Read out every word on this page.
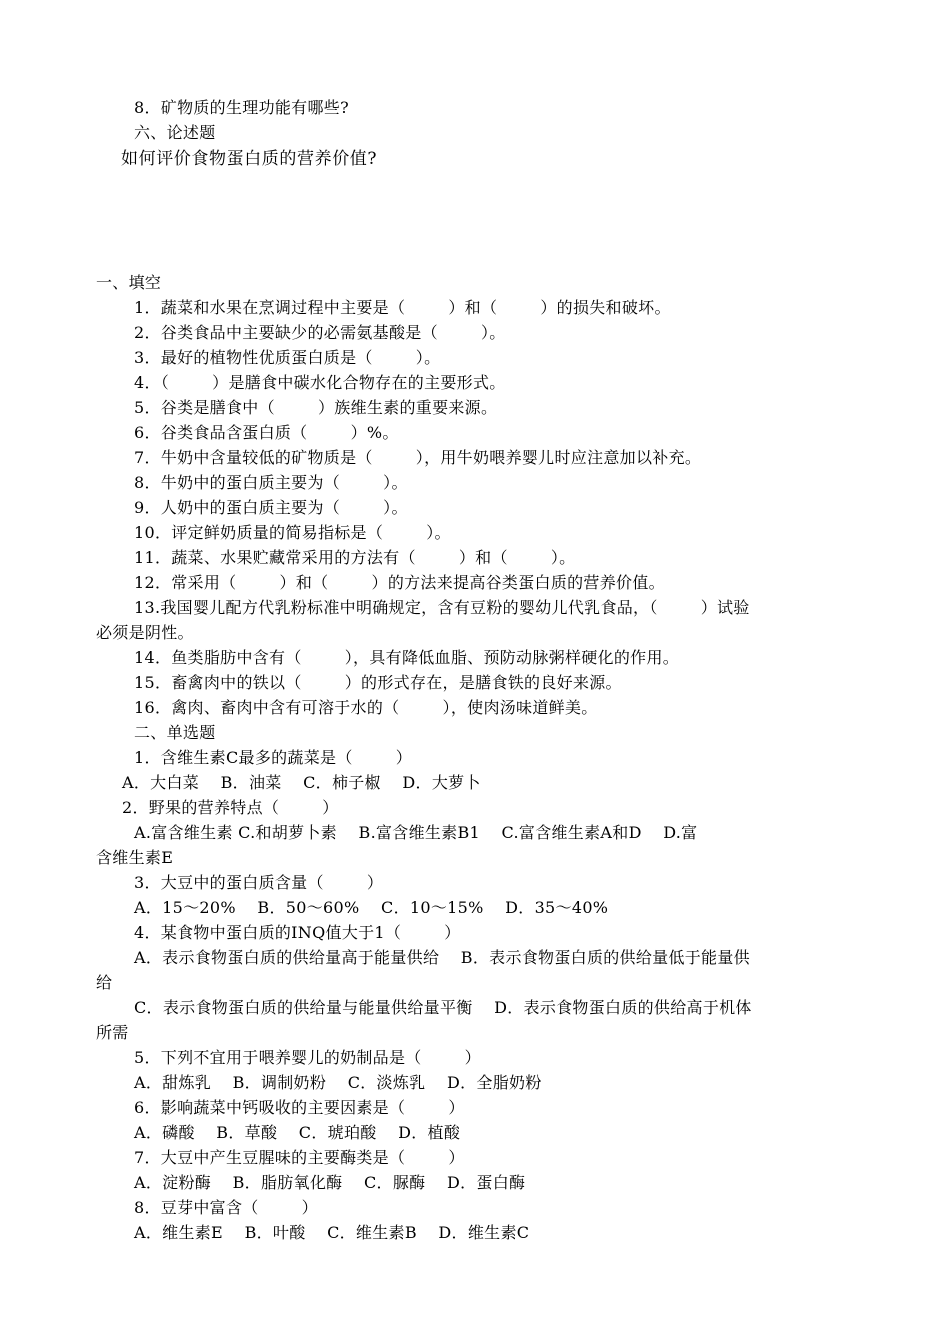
8．矿物质的生理功能有哪些?
六、论述题
如何评价食物蛋白质的营养价值?
一、填空
1．蔬菜和水果在烹调过程中主要是（        ）和（        ）的损失和破坏。
2．谷类食品中主要缺少的必需氨基酸是（        ）。
3．最好的植物性优质蛋白质是（        ）。
4．（        ）是膳食中碳水化合物存在的主要形式。
5．谷类是膳食中（        ）族维生素的重要来源。
6．谷类食品含蛋白质（        ）%。
7．牛奶中含量较低的矿物质是（        ），用牛奶喂养婴儿时应注意加以补充。
8．牛奶中的蛋白质主要为（        ）。
9．人奶中的蛋白质主要为（        ）。
10．评定鲜奶质量的简易指标是（        ）。
11．蔬菜、水果贮藏常采用的方法有（        ）和（        ）。
12．常采用（        ）和（        ）的方法来提高谷类蛋白质的营养价值。
13.我国婴儿配方代乳粉标准中明确规定，含有豆粉的婴幼儿代乳食品，（        ）试验
必须是阴性。
14．鱼类脂肪中含有（        ），具有降低血脂、预防动脉粥样硬化的作用。
15．畜禽肉中的铁以（        ）的形式存在，是膳食铁的良好来源。
16．禽肉、畜肉中含有可溶于水的（        ），使肉汤味道鲜美。
二、单选题
1．含维生素C最多的蔬菜是（        ）
A．大白菜    B．油菜    C．柿子椒    D．大萝卜
2．野果的营养特点（        ）
A.富含维生素 C.和胡萝卜素    B.富含维生素B1    C.富含维生素A和D    D.富
含维生素E
3．大豆中的蛋白质含量（        ）
A．15～20%    B．50～60%    C．10～15%    D．35～40%
4．某食物中蛋白质的INQ值大于1（        ）
A．表示食物蛋白质的供给量高于能量供给    B．表示食物蛋白质的供给量低于能量供
给
C．表示食物蛋白质的供给量与能量供给量平衡    D．表示食物蛋白质的供给高于机体
所需
5．下列不宜用于喂养婴儿的奶制品是（        ）
A．甜炼乳    B．调制奶粉    C．淡炼乳    D．全脂奶粉
6．影响蔬菜中钙吸收的主要因素是（        ）
A．磷酸    B．草酸    C．琥珀酸    D．植酸
7．大豆中产生豆腥味的主要酶类是（        ）
A．淀粉酶    B．脂肪氧化酶    C．脲酶    D．蛋白酶
8．豆芽中富含（        ）
A．维生素E    B．叶酸    C．维生素B    D．维生素C
